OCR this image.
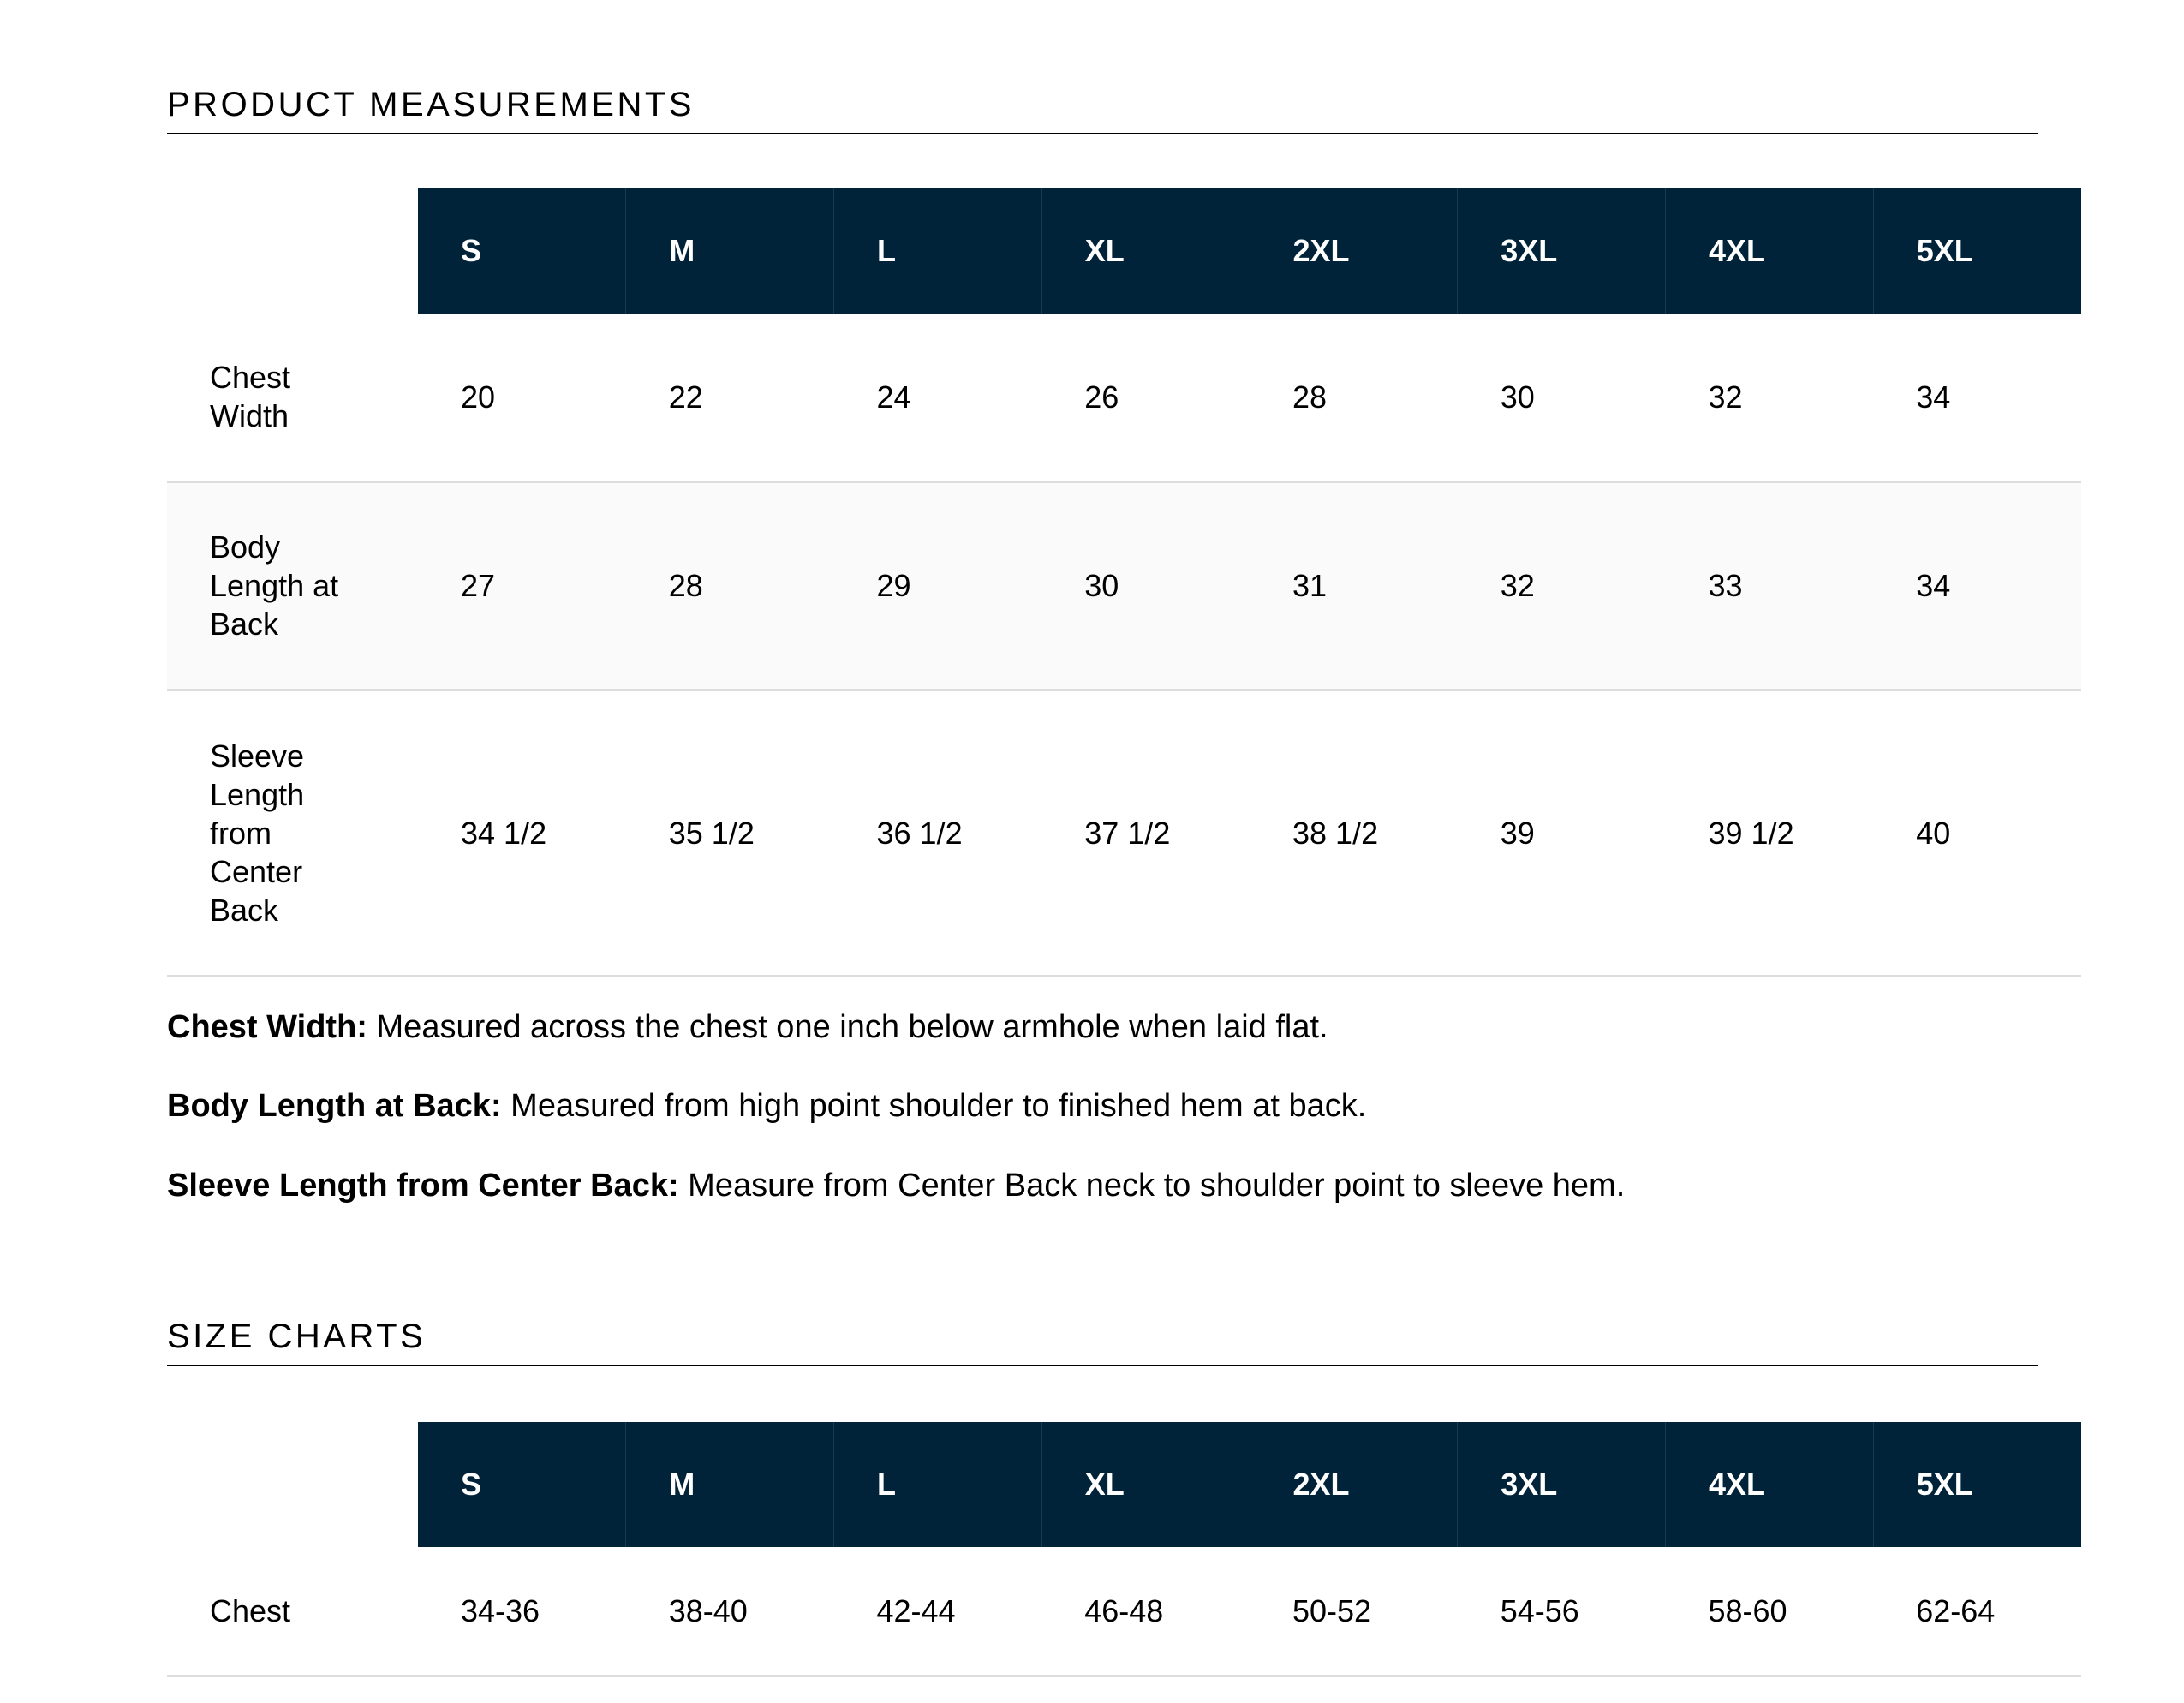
PRODUCT MEASUREMENTS
	S	M	L	XL	2XL	3XL	4XL	5XL
Chest
Width	20	22	24	26	28	30	32	34
Body
Length at
Back	27	28	29	30	31	32	33	34
Sleeve
Length
from
Center
Back	34 1/2	35 1/2	36 1/2	37 1/2	38 1/2	39	39 1/2	40
Chest Width: Measured across the chest one inch below armhole when laid flat.
Body Length at Back: Measured from high point shoulder to finished hem at back.
Sleeve Length from Center Back: Measure from Center Back neck to shoulder point to sleeve hem.
SIZE CHARTS
	S	M	L	XL	2XL	3XL	4XL	5XL
Chest	34-36	38-40	42-44	46-48	50-52	54-56	58-60	62-64
